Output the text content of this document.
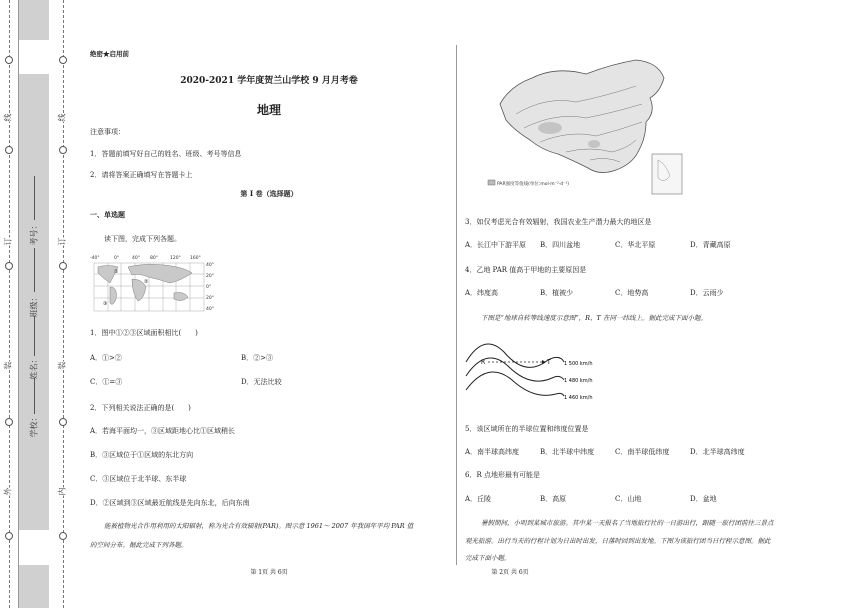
线
订
装
外
线
订
装
内
考号：
班级：
姓名：
学校：
绝密★启用前
2020-2021 学年度贺兰山学校 9 月月考卷
地理
注意事项：
1．答题前填写好自己的姓名、班级、考号等信息
2．请将答案正确填写在答题卡上
第 I 卷（选择题）
一、单选题
读下图，完成下列各题。
-40°	0°	40° 80°	120° 160°
40°
20°
0°
20°
40°
①
②
③
1．图中①②③区域面积相比(　　)
A．①>②	B．②>③
C．①=③	D．无法比较
2．下列相关说法正确的是(　　)
A．若海平面均一，③区域距地心比①区域稍长
B．③区域位于①区域的东北方向
C．③区域位于北半球、东半球
D．②区域到③区域最近航线是先向东北，后向东南
能被植物光合作用利用的太阳辐射，称为光合有效辐射(PAR)。图示意 1961～ 2007 年我国年平均 PAR 值
的空间分布。据此完成下列各题。
第 1页 共 6页
PAR强度等值线(单位:mol·m⁻²·d⁻¹)
3．如仅考虑光合有效辐射，我国农业生产潜力最大的地区是
A．长江中下游平原 B．四川盆地	C．华北平原	D．青藏高原
4．乙地 PAR 值高于甲地的主要原因是
A．纬度高	B．植被少	C．地势高	D．云雨少
下图是“地球自转等线速度示意图”，R、T 在同一纬线上。据此完成下面小题。
R	T	1 500 km/h
1 480 km/h
1 460 km/h
5．该区域所在的半球位置和纬度位置是
A．南半球高纬度	B．北半球中纬度	C．南半球低纬度	D．北半球高纬度
6．R 点地形最有可能是
A．丘陵	B．高原	C．山地	D．盆地
暑假期间，小明到某城市旅游。其中某一天报名了当地旅行社的一日游出行，跟随一旅行团前往三景点
观光旅游。出行当天的行程计划为日出时出发，日落时回到出发地。下图为该旅行团当日行程示意图。据此
完成下面小题。
第 2页 共 6页
